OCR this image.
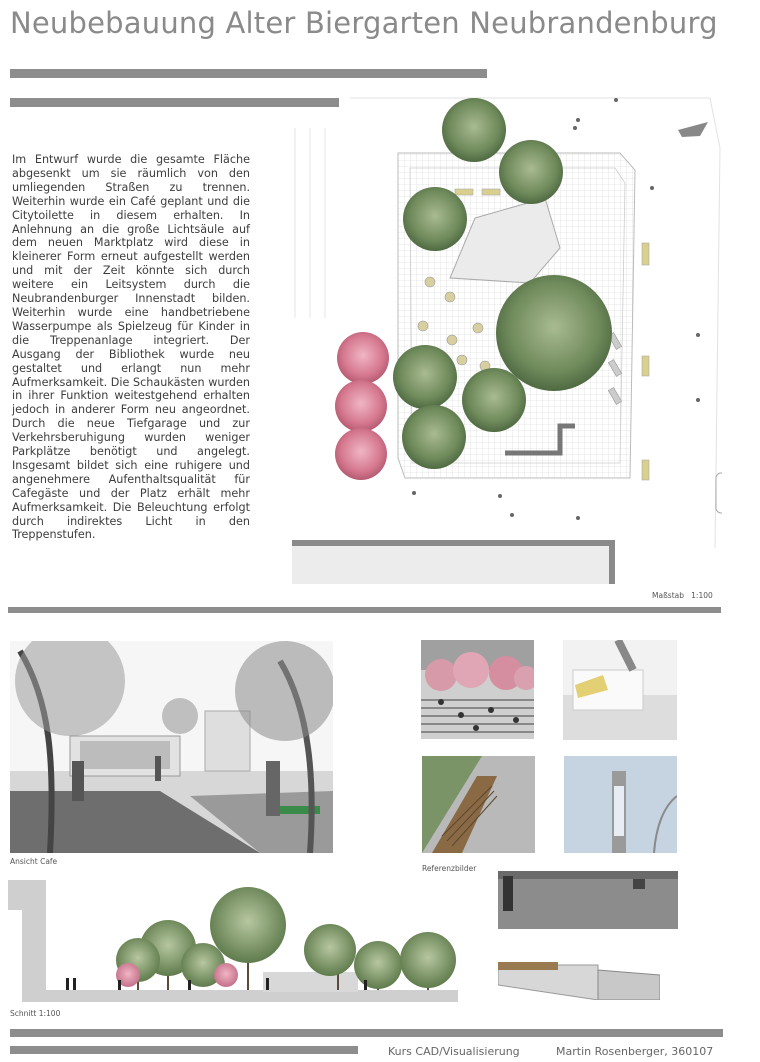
Neubebauung Alter Biergarten Neubrandenburg
Im Entwurf wurde die gesamte Fläche abgesenkt um sie räumlich von den umliegenden Straßen zu trennen. Weiterhin wurde ein Café geplant und die Citytoilette in diesem erhalten. In Anlehnung an die große Lichtsäule auf dem neuen Marktplatz wird diese in kleinerer Form erneut aufgestellt werden und mit der Zeit könnte sich durch weitere ein Leitsystem durch die Neubrandenburger Innenstadt bilden. Weiterhin wurde eine handbetriebene Wasserpumpe als Spielzeug für Kinder in die Treppenanlage integriert. Der Ausgang der Bibliothek wurde neu gestaltet und erlangt nun mehr Aufmerksamkeit. Die Schaukästen wurden in ihrer Funktion weitestgehend erhalten jedoch in anderer Form neu angeordnet. Durch die neue Tiefgarage und zur Verkehrsberuhigung wurden weniger Parkplätze benötigt und angelegt. Insgesamt bildet sich eine ruhigere und angenehmere Aufenthaltsqualität für Cafegäste und der Platz erhält mehr Aufmerksamkeit. Die Beleuchtung erfolgt durch indirektes Licht in den Treppenstufen.
Maßstab 1:100
Ansicht Cafe
Referenzbilder
Schnitt 1:100
Kurs CAD/Visualisierung	Martin Rosenberger, 360107
